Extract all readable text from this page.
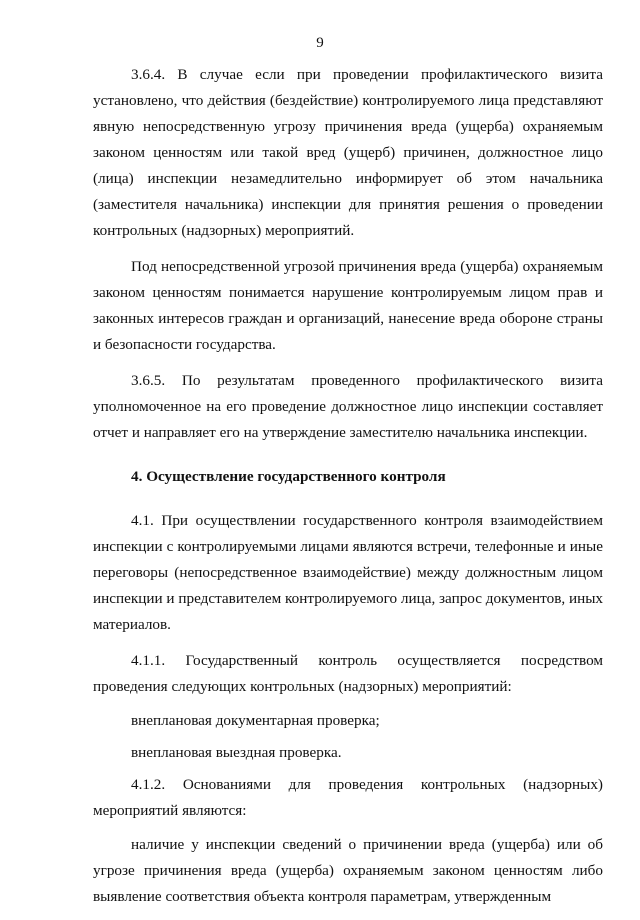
9

3.6.4. В случае если при проведении профилактического визита установлено, что действия (бездействие) контролируемого лица представляют явную непосредственную угрозу причинения вреда (ущерба) охраняемым законом ценностям или такой вред (ущерб) причинен, должностное лицо (лица) инспекции незамедлительно информирует об этом начальника (заместителя начальника) инспекции для принятия решения о проведении контрольных (надзорных) мероприятий.

Под непосредственной угрозой причинения вреда (ущерба) охраняемым законом ценностям понимается нарушение контролируемым лицом прав и законных интересов граждан и организаций, нанесение вреда обороне страны и безопасности государства.

3.6.5. По результатам проведенного профилактического визита уполномоченное на его проведение должностное лицо инспекции составляет отчет и направляет его на утверждение заместителю начальника инспекции.

4. Осуществление государственного контроля

4.1. При осуществлении государственного контроля взаимодействием инспекции с контролируемыми лицами являются встречи, телефонные и иные переговоры (непосредственное взаимодействие) между должностным лицом инспекции и представителем контролируемого лица, запрос документов, иных материалов.

4.1.1. Государственный контроль осуществляется посредством проведения следующих контрольных (надзорных) мероприятий:

внеплановая документарная проверка;

внеплановая выездная проверка.

4.1.2. Основаниями для проведения контрольных (надзорных) мероприятий являются:

наличие у инспекции сведений о причинении вреда (ущерба) или об угрозе причинения вреда (ущерба) охраняемым законом ценностям либо выявление соответствия объекта контроля параметрам, утвержденным
